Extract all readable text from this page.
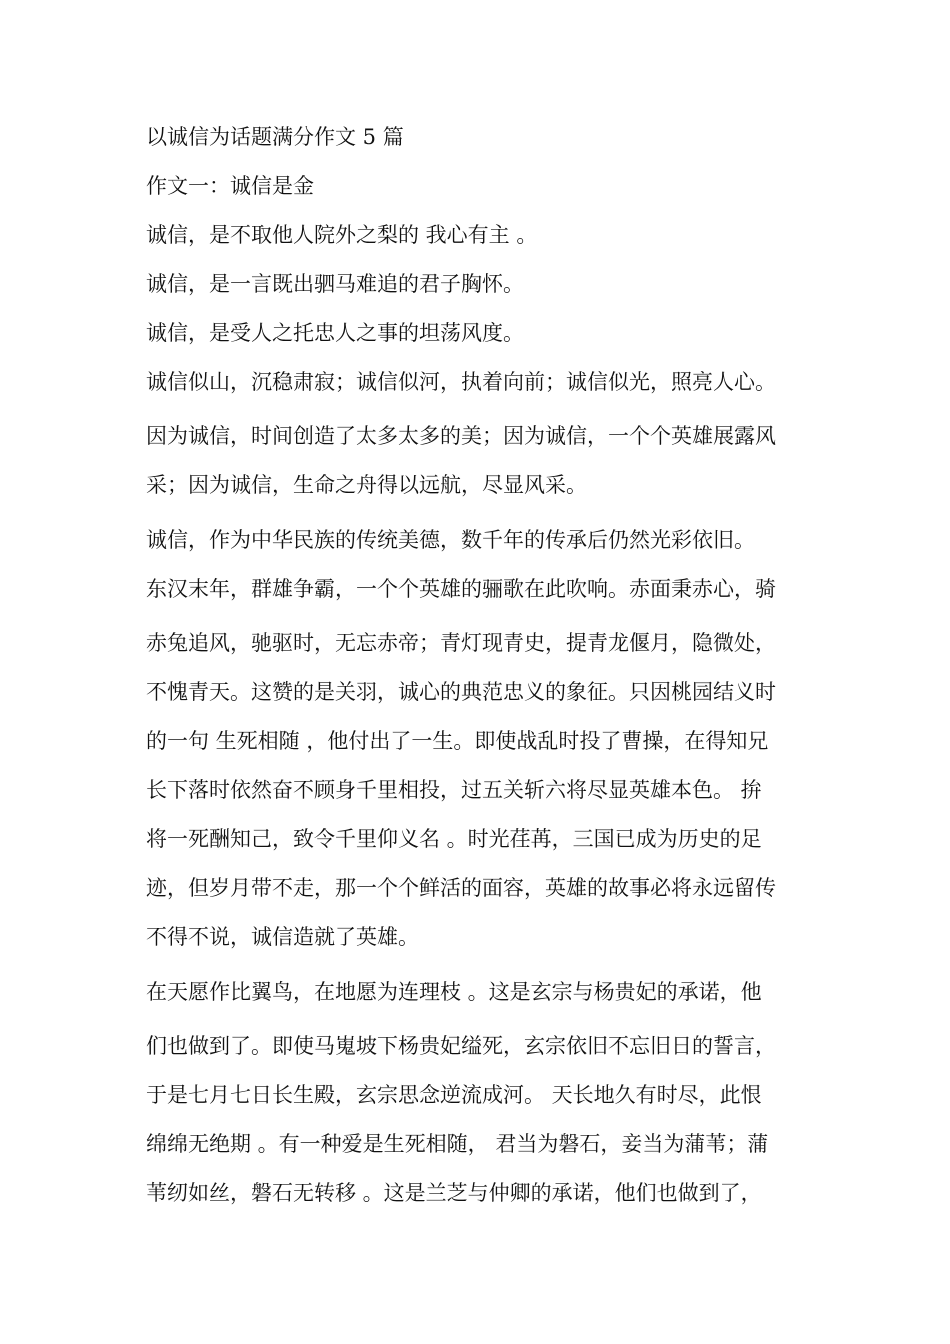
以诚信为话题满分作文 5 篇

作文一：诚信是金

诚信，是不取他人院外之梨的 我心有主 。

诚信，是一言既出驷马难追的君子胸怀。

诚信，是受人之托忠人之事的坦荡风度。

诚信似山，沉稳肃寂；诚信似河，执着向前；诚信似光，照亮人心。
因为诚信，时间创造了太多太多的美；因为诚信，一个个英雄展露风
采；因为诚信，生命之舟得以远航，尽显风采。

诚信，作为中华民族的传统美德，数千年的传承后仍然光彩依旧。

东汉末年，群雄争霸，一个个英雄的骊歌在此吹响。赤面秉赤心，骑
赤兔追风，驰驱时，无忘赤帝；青灯现青史，提青龙偃月，隐微处，
不愧青天。这赞的是关羽，诚心的典范忠义的象征。只因桃园结义时
的一句 生死相随 ，他付出了一生。即使战乱时投了曹操，在得知兄
长下落时依然奋不顾身千里相投，过五关斩六将尽显英雄本色。 拚
将一死酬知己，致令千里仰义名 。时光荏苒，三国已成为历史的足
迹，但岁月带不走，那一个个鲜活的面容，英雄的故事必将永远留传
不得不说，诚信造就了英雄。

在天愿作比翼鸟，在地愿为连理枝 。这是玄宗与杨贵妃的承诺，他
们也做到了。即使马嵬坡下杨贵妃缢死，玄宗依旧不忘旧日的誓言，
于是七月七日长生殿，玄宗思念逆流成河。 天长地久有时尽，此恨
绵绵无绝期 。有一种爱是生死相随， 君当为磐石，妾当为蒲苇；蒲
苇纫如丝，磐石无转移 。这是兰芝与仲卿的承诺，他们也做到了，
